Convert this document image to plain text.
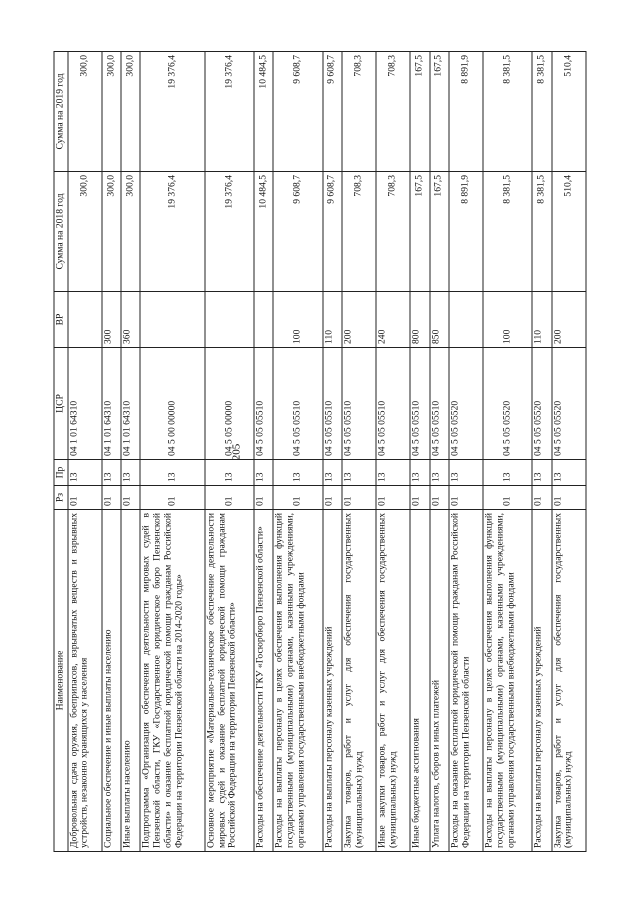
205
Наименование	Рз	Пр	ЦСР	ВР	Сумма на 2018 год	Сумма на 2019 год
Добровольная сдача оружия, боеприпасов, взрывчатых веществ и взрывных устройств, незаконно хранящихся у населения	01	13	04 1 01 64310		300,0	300,0
Социальное обеспечение и иные выплаты населению	01	13	04 1 01 64310	300	300,0	300,0
Иные выплаты населению	01	13	04 1 01 64310	360	300,0	300,0
Подпрограмма «Организация обеспечения деятельности мировых судей в Пензенской области, ГКУ «Государственное юридическое бюро Пензенской области» и оказание бесплатной юридической помощи гражданам Российской Федерации на территории Пензенской области на 2014-2020 годы»	01	13	04 5 00 00000		19 376,4	19 376,4
Основное мероприятие «Материально-техническое обеспечение деятельности мировых судей и оказание бесплатной юридической помощи гражданам Российской Федерации на территории Пензенской области»	01	13	04 5 05 00000		19 376,4	19 376,4
Расходы на обеспечение деятельности ГКУ «Госюрбюро Пензенской области»	01	13	04 5 05 05510		10 484,5	10 484,5
Расходы на выплаты персоналу в целях обеспечения выполнения функций государственными (муниципальными) органами, казенными учреждениями, органами управления государственными внебюджетными фондами	01	13	04 5 05 05510	100	9 608,7	9 608,7
Расходы на выплаты персоналу казенных учреждений	01	13	04 5 05 05510	110	9 608,7	9 608,7
Закупка товаров, работ и услуг для обеспечения государственных (муниципальных) нужд	01	13	04 5 05 05510	200	708,3	708,3
Иные закупки товаров, работ и услуг для обеспечения государственных (муниципальных) нужд	01	13	04 5 05 05510	240	708,3	708,3
Иные бюджетные ассигнования	01	13	04 5 05 05510	800	167,5	167,5
Уплата налогов, сборов и иных платежей	01	13	04 5 05 05510	850	167,5	167,5
Расходы на оказание бесплатной юридической помощи гражданам Российской Федерации на территории Пензенской области	01	13	04 5 05 05520		8 891,9	8 891,9
Расходы на выплаты персоналу в целях обеспечения выполнения функций государственными (муниципальными) органами, казенными учреждениями, органами управления государственными внебюджетными фондами	01	13	04 5 05 05520	100	8 381,5	8 381,5
Расходы на выплаты персоналу казенных учреждений	01	13	04 5 05 05520	110	8 381,5	8 381,5
Закупка товаров, работ и услуг для обеспечения государственных (муниципальных) нужд	01	13	04 5 05 05520	200	510,4	510,4
